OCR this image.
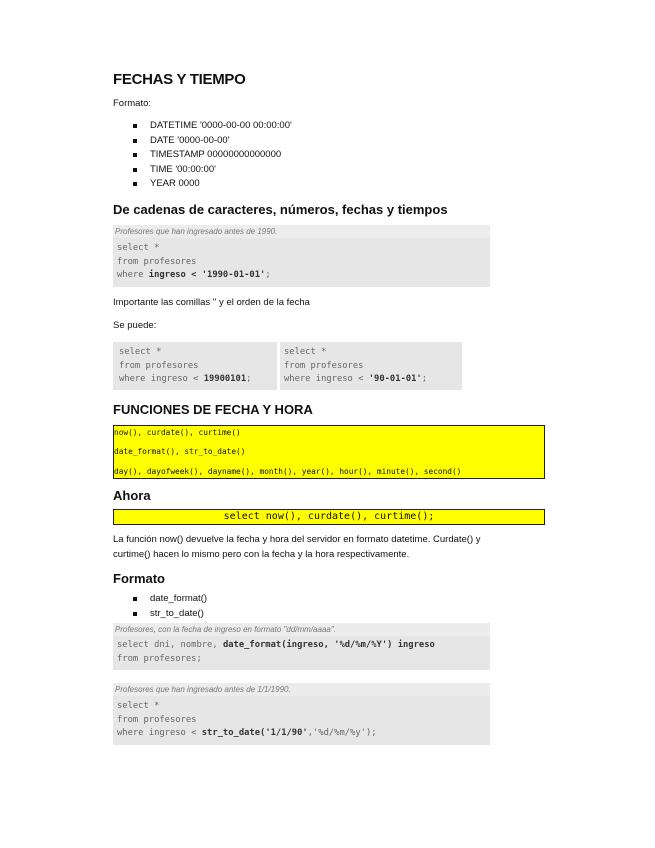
FECHAS Y TIEMPO

Formato:

DATETIME '0000-00-00 00:00:00'
DATE '0000-00-00'
TIMESTAMP 00000000000000
TIME '00:00:00'
YEAR 0000
De cadenas de caracteres, números, fechas y tiempos
Profesores que han ingresado antes de 1990.
select *
from profesores
where ingreso < '1990-01-01';

Importante las comillas '' y el orden de la fecha

Se puede:

select *
from profesores
where ingreso < 19900101;
select *
from profesores
where ingreso < '90-01-01';
FUNCIONES DE FECHA Y HORA
now(), curdate(), curtime()
date_format(), str_to_date()
day(), dayofweek(), dayname(), month(), year(), hour(), minute(), second()
Ahora
select now(), curdate(), curtime();

La función now() devuelve la fecha y hora del servidor en formato datetime. Curdate() y

curtime() hacen lo mismo pero con la fecha y la hora respectivamente.

Formato
date_format()
str_to_date()
Profesores, con la fecha de ingreso en formato "dd/mm/aaaa".
select dni, nombre, date_format(ingreso, '%d/%m/%Y') ingreso
from profesores;
Profesores que han ingresado antes de 1/1/1990.
select *
from profesores
where ingreso < str_to_date('1/1/90','%d/%m/%y');
